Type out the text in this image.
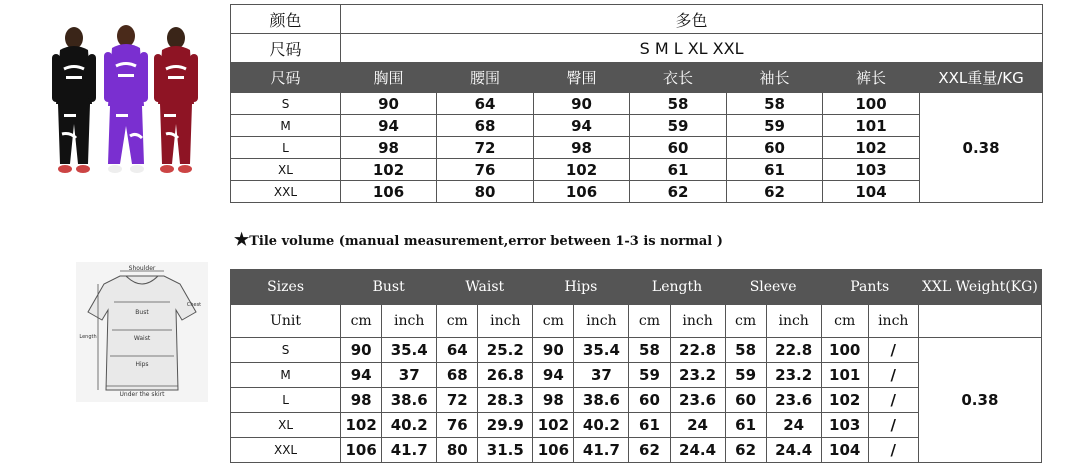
颜色	多色						
尺码	S M L XL XXL						
尺码	胸围	腰围	臀围	衣长	袖长	裤长	XXL重量/KG
S	90	64	90	58	58	100	0.38
M	94	68	94	59	59	101	
L	98	72	98	60	60	102	
XL	102	76	102	61	61	103	
XXL	106	80	106	62	62	104	
★Tile volume (manual measurement,error between 1-3 is normal )
Shoulder
Chest
Bust
Waist
Hips
Length
Under the skirt
Sizes	Bust		Waist		Hips		Length		Sleeve		Pants		XXL Weight(KG)
Unit	cm	inch	cm	inch	cm	inch	cm	inch	cm	inch	cm	inch	
S	90	35.4	64	25.2	90	35.4	58	22.8	58	22.8	100	/	0.38
M	94	37	68	26.8	94	37	59	23.2	59	23.2	101	/	
L	98	38.6	72	28.3	98	38.6	60	23.6	60	23.6	102	/	
XL	102	40.2	76	29.9	102	40.2	61	24	61	24	103	/	
XXL	106	41.7	80	31.5	106	41.7	62	24.4	62	24.4	104	/	
